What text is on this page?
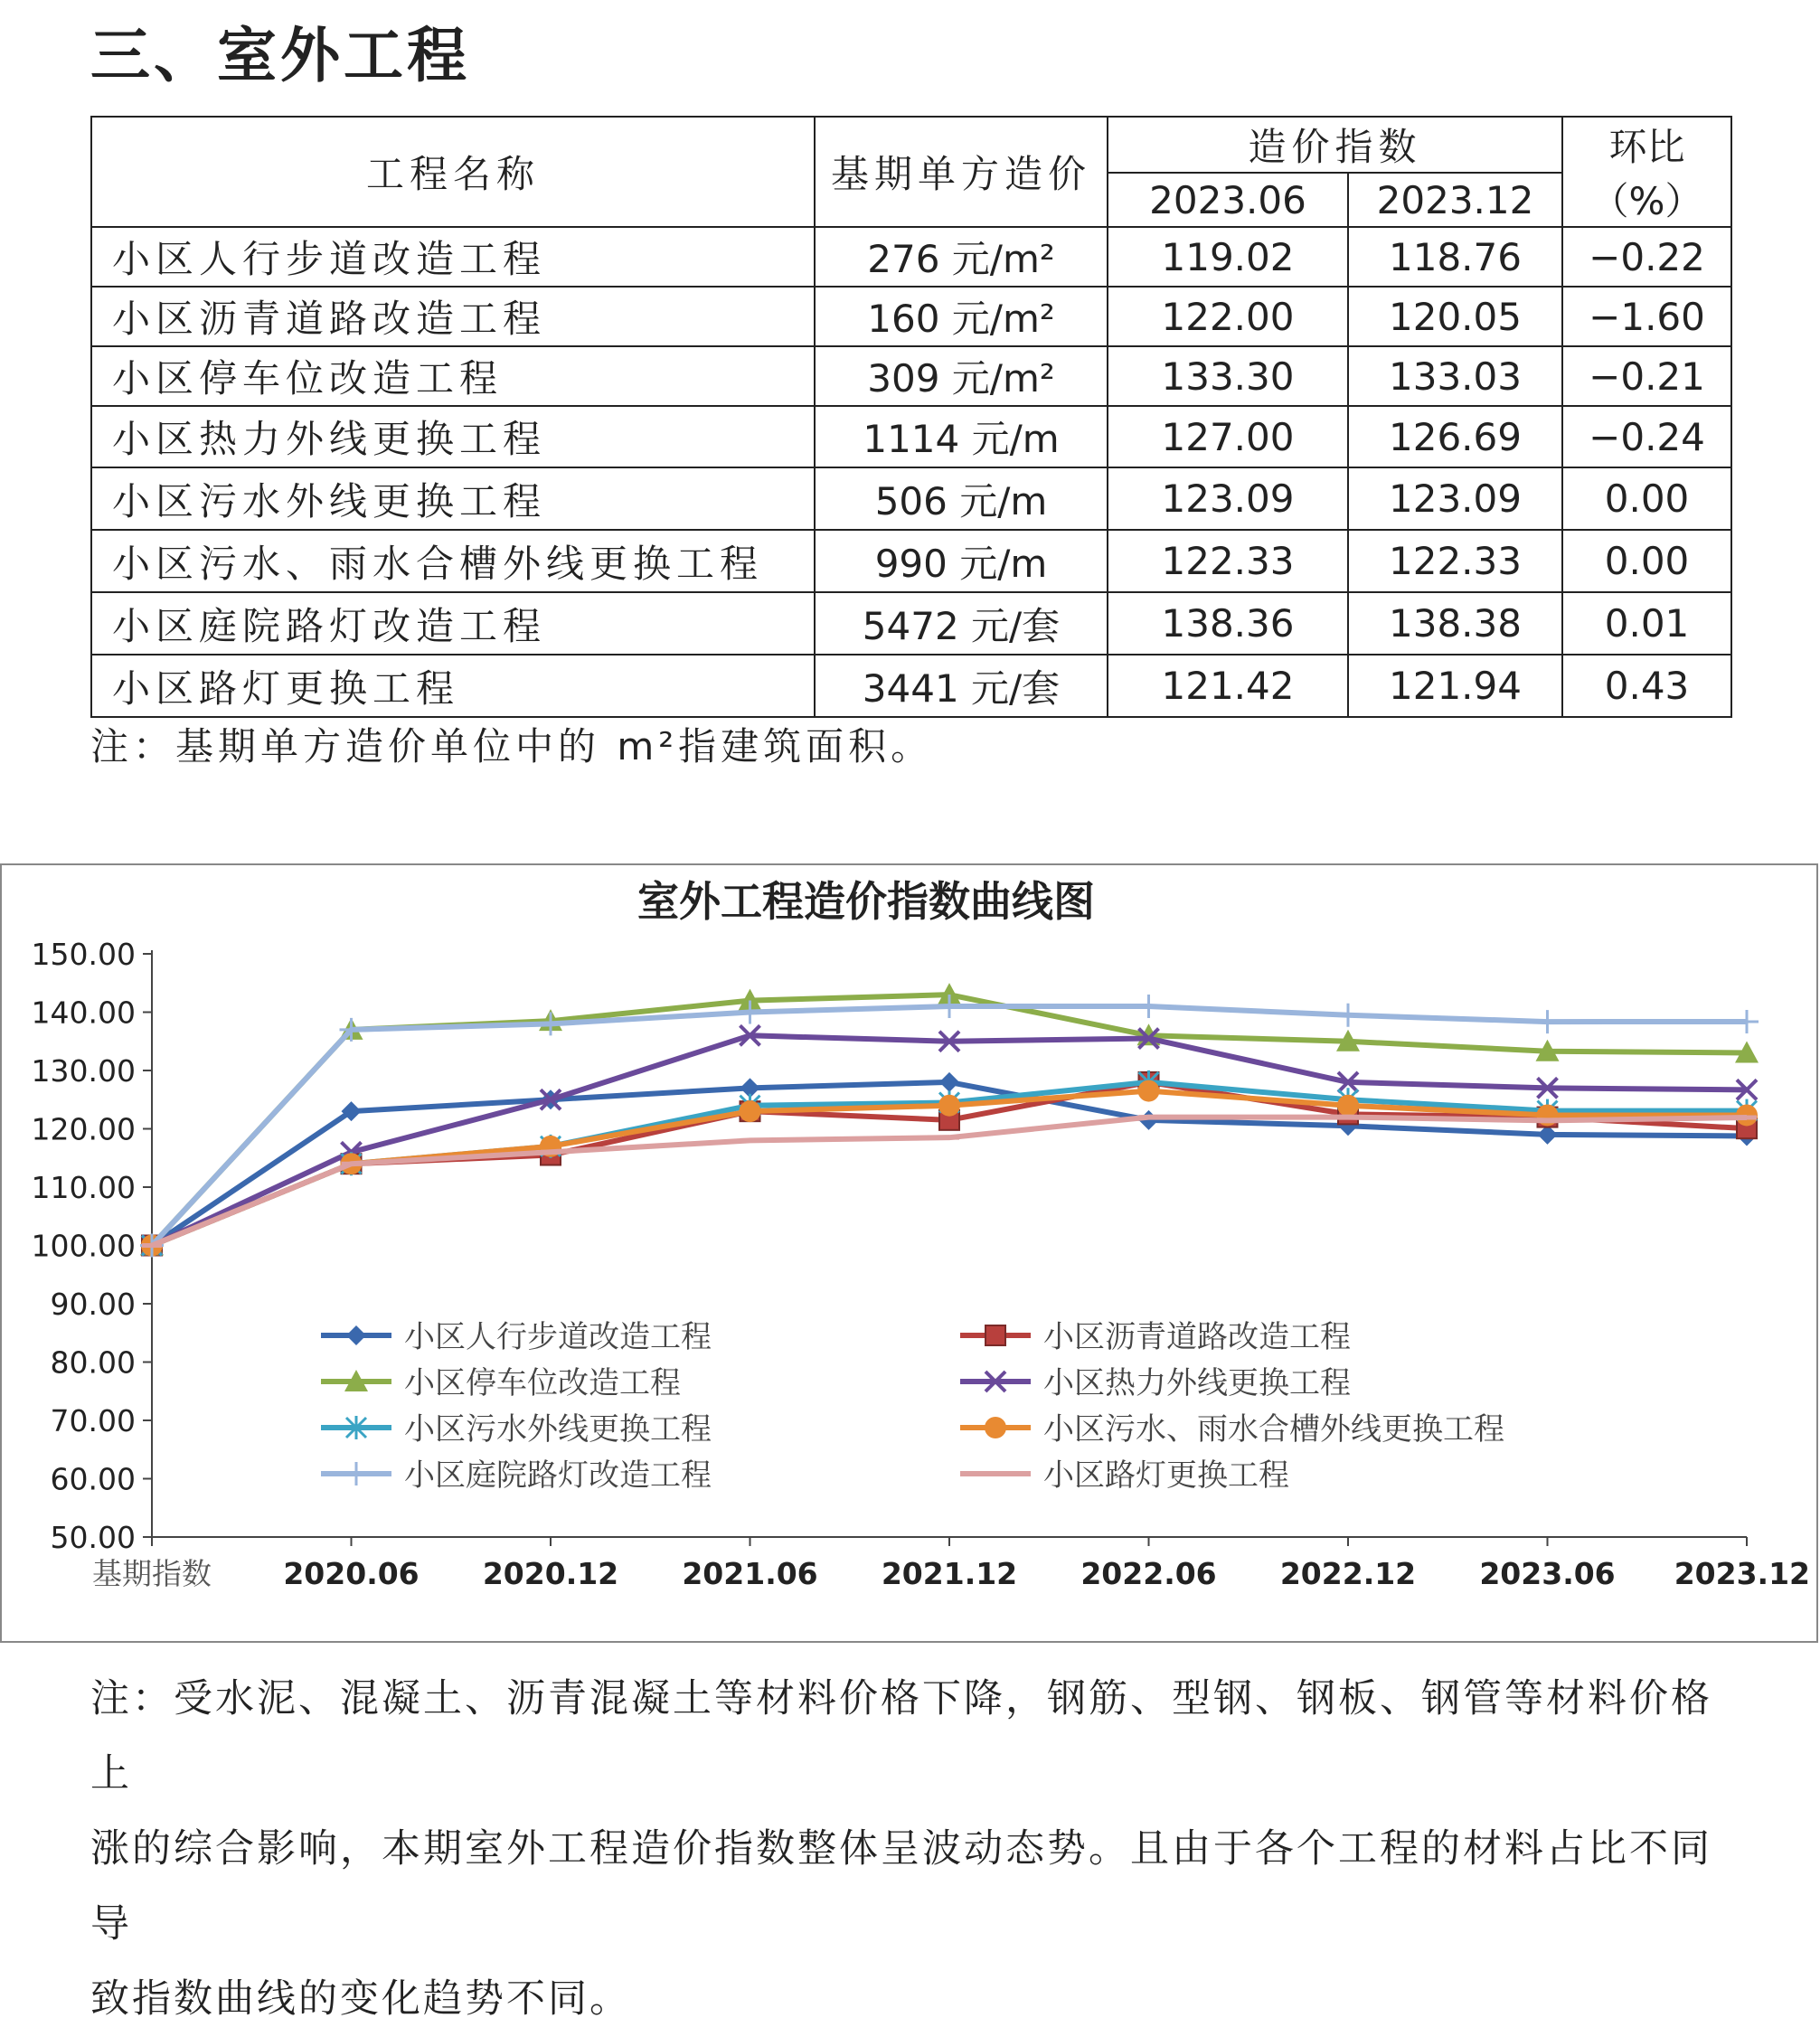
三、室外工程
工程名称	基期单方造价	造价指数		环比
（%）

		2023.06	2023.12	
小区人行步道改造工程	276 元/m²	119.02	118.76	−0.22
小区沥青道路改造工程	160 元/m²	122.00	120.05	−1.60
小区停车位改造工程	309 元/m²	133.30	133.03	−0.21
小区热力外线更换工程	1114 元/m	127.00	126.69	−0.24
小区污水外线更换工程	506 元/m	123.09	123.09	0.00
小区污水、雨水合槽外线更换工程	990 元/m	122.33	122.33	0.00
小区庭院路灯改造工程	5472 元/套	138.36	138.38	0.01
小区路灯更换工程	3441 元/套	121.42	121.94	0.43
注：基期单方造价单位中的 m²指建筑面积。
室外工程造价指数曲线图
50.00
60.00
70.00
80.00
90.00
100.00
110.00
120.00
130.00
140.00
150.00
基期指数 2020.06 2020.12 2021.06 2021.12 2022.06 2022.12 2023.06 2023.12
小区人行步道改造工程	小区沥青道路改造工程
小区停车位改造工程	小区热力外线更换工程
小区污水外线更换工程	小区污水、雨水合槽外线更换工程
小区庭院路灯改造工程	小区路灯更换工程
注：受水泥、混凝土、沥青混凝土等材料价格下降，钢筋、型钢、钢板、钢管等材料价格上
涨的综合影响，本期室外工程造价指数整体呈波动态势。且由于各个工程的材料占比不同导
致指数曲线的变化趋势不同。
